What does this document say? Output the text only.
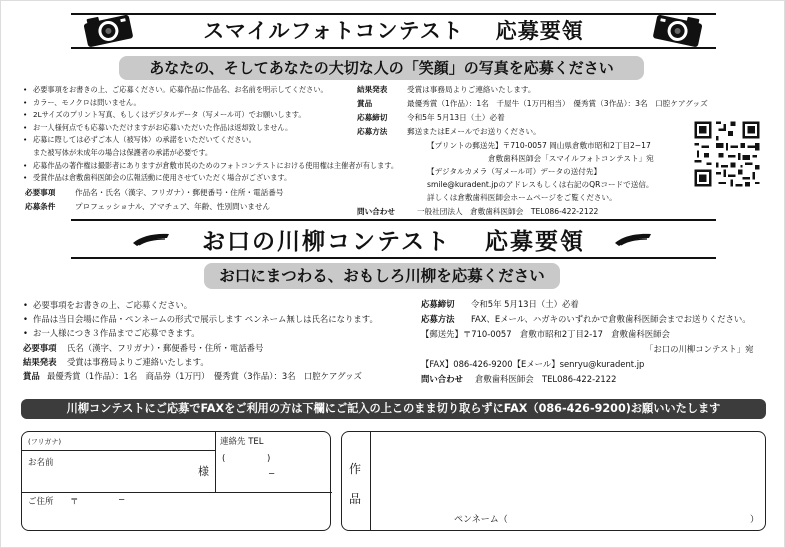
スマイルフォトコンテスト 応募要領
あなたの、そしてあなたの大切な人の「笑顔」の写真を応募ください
• 必要事項をお書きの上、ご応募ください。応募作品に作品名、お名前を明示してください。
• カラー、モノクロは問いません。
• 2Lサイズのプリント写真、もしくはデジタルデータ（写メール可）でお願いします。
• お一人様何点でも応募いただけますがお応募いただいた作品は返却致しません。
• 応募に際しては必ずご本人（被写体）の承諾をいただいてください。
また被写体が未成年の場合は保護者の承諾が必要です。
• 応募作品の著作権は撮影者にありますが倉敷市民のためのフォトコンテストにおける使用権は主催者が有します。
• 受賞作品は倉敷歯科医師会の広報活動に使用させていただく場合がございます。
必要事項	作品名・氏名（漢字、フリガナ）・郵便番号・住所・電話番号
応募条件	プロフェッショナル、アマチュア、年齢、性別問いません
結果発表	受賞は事務局よりご連絡いたします。
賞品	最優秀賞（1作品）：1名　千屋牛（1万円相当）　優秀賞（3作品）：3名　口腔ケアグッズ
応募締切	令和5年 5月13日（土）必着
応募方法	郵送またはEメールでお送りください。
【プリントの郵送先】〒710-0057 岡山県倉敷市昭和2丁目2−17
倉敷歯科医師会「スマイルフォトコンテスト」宛
【デジタルカメラ（写メール可）データの送付先】
smile@kuradent.jpのアドレスもしくは右記のQRコードで送信。
詳しくは倉敷歯科医師会ホームページをご覧ください。
問い合わせ	一般社団法人　倉敷歯科医師会　TEL086-422-2122
お口の川柳コンテスト 応募要領
お口にまつわる、おもしろ川柳を応募ください
• 必要事項をお書きの上、ご応募ください。
• 作品は当日会場に作品・ペンネームの形式で展示します ペンネーム無しは氏名になります。
• お一人様につき３作品までご応募できます。
必要事項 氏名（漢字、フリガナ）・郵便番号・住所・電話番号
結果発表 受賞は事務局よりご連絡いたします。
賞品 最優秀賞（1作品）：1名　商品券（1万円）　優秀賞（3作品）：3名　口腔ケアグッズ
応募締切 令和5年 5月13日（土）必着
応募方法 FAX、Eメール、ハガキのいずれかで倉敷歯科医師会までお送りください。
【郵送先】〒710-0057　倉敷市昭和2丁目2-17　倉敷歯科医師会
「お口の川柳コンテスト」宛
【FAX】086-426-9200【Eメール】senryu@kuradent.jp
問い合わせ 倉敷歯科医師会　TEL086-422-2122
川柳コンテストにご応募でFAXをご利用の方は下欄にご記入の上このまま切り取らずにFAX（086-426-9200)お願いいたします
(フリガナ)
お名前
様
連絡先 TEL
(	)
−
ご住所 〒	−
作
品
ペンネーム（	）
